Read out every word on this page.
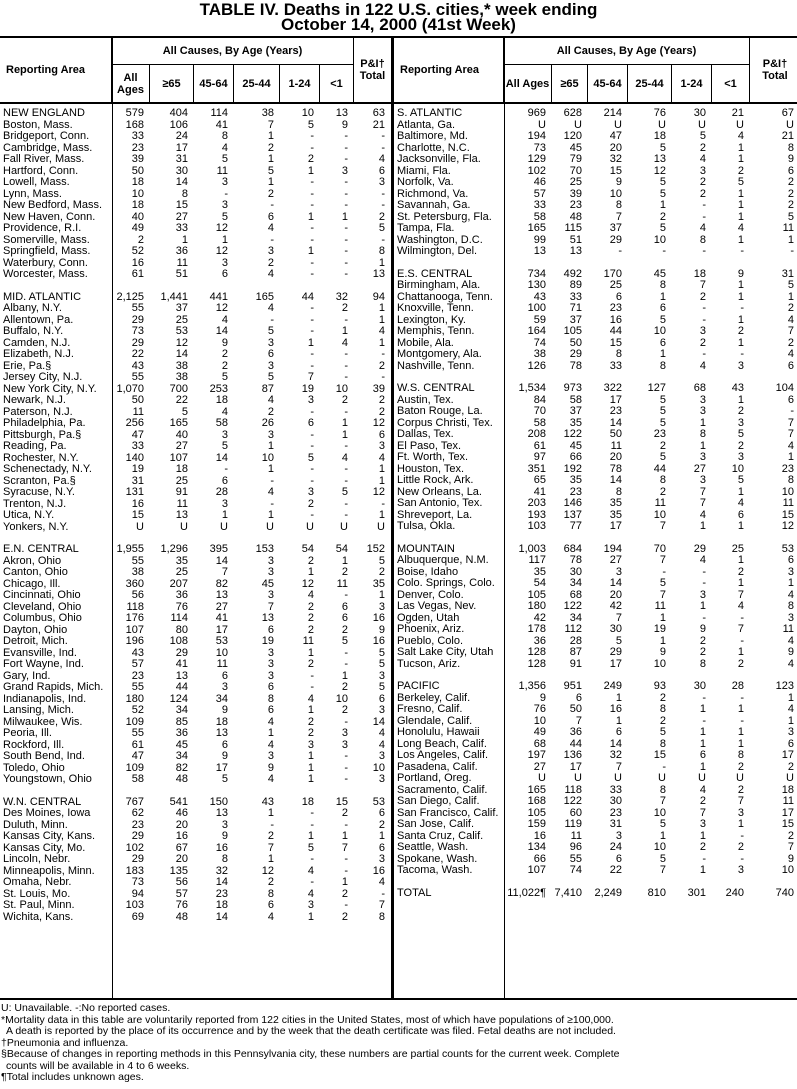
TABLE IV. Deaths in 122 U.S. cities,* week ending
October 14, 2000 (41st Week)
Reporting Area
All Causes, By Age (Years)
All Ages	≥65	45-64	25-44	1-24	<1
P&I† Total
NEW ENGLAND	579	404	114	38	10	13	63
Boston, Mass.	168	106	41	7	5	9	21
Bridgeport, Conn.	33	24	8	1	-	-	-
Cambridge, Mass.	23	17	4	2	-	-	-
Fall River, Mass.	39	31	5	1	2	-	4
Hartford, Conn.	50	30	11	5	1	3	6
Lowell, Mass.	18	14	3	1	-	-	3
Lynn, Mass.	10	8	-	2	-	-	-
New Bedford, Mass.	18	15	3	-	-	-	-
New Haven, Conn.	40	27	5	6	1	1	2
Providence, R.I.	49	33	12	4	-	-	5
Somerville, Mass.	2	1	1	-	-	-	-
Springfield, Mass.	52	36	12	3	1	-	8
Waterbury, Conn.	16	11	3	2	-	-	1
Worcester, Mass.	61	51	6	4	-	-	13
MID. ATLANTIC	2,125	1,441	441	165	44	32	94
Albany, N.Y.	55	37	12	4	-	2	1
Allentown, Pa.	29	25	4	-	-	-	1
Buffalo, N.Y.	73	53	14	5	-	1	4
Camden, N.J.	29	12	9	3	1	4	1
Elizabeth, N.J.	22	14	2	6	-	-	-
Erie, Pa.§	43	38	2	3	-	-	2
Jersey City, N.J.	55	38	5	5	7	-	-
New York City, N.Y.	1,070	700	253	87	19	10	39
Newark, N.J.	50	22	18	4	3	2	2
Paterson, N.J.	11	5	4	2	-	-	2
Philadelphia, Pa.	256	165	58	26	6	1	12
Pittsburgh, Pa.§	47	40	3	3	-	1	6
Reading, Pa.	33	27	5	1	-	-	3
Rochester, N.Y.	140	107	14	10	5	4	4
Schenectady, N.Y.	19	18	-	1	-	-	1
Scranton, Pa.§	31	25	6	-	-	-	1
Syracuse, N.Y.	131	91	28	4	3	5	12
Trenton, N.J.	16	11	3	-	2	-	-
Utica, N.Y.	15	13	1	1	-	-	1
Yonkers, N.Y.	U	U	U	U	U	U	U
E.N. CENTRAL	1,955	1,296	395	153	54	54	152
Akron, Ohio	55	35	14	3	2	1	5
Canton, Ohio	38	25	7	3	1	2	2
Chicago, Ill.	360	207	82	45	12	11	35
Cincinnati, Ohio	56	36	13	3	4	-	1
Cleveland, Ohio	118	76	27	7	2	6	3
Columbus, Ohio	176	114	41	13	2	6	16
Dayton, Ohio	107	80	17	6	2	2	9
Detroit, Mich.	196	108	53	19	11	5	16
Evansville, Ind.	43	29	10	3	1	-	5
Fort Wayne, Ind.	57	41	11	3	2	-	5
Gary, Ind.	23	13	6	3	-	1	3
Grand Rapids, Mich.	55	44	3	6	-	2	5
Indianapolis, Ind.	180	124	34	8	4	10	6
Lansing, Mich.	52	34	9	6	1	2	3
Milwaukee, Wis.	109	85	18	4	2	-	14
Peoria, Ill.	55	36	13	1	2	3	4
Rockford, Ill.	61	45	6	4	3	3	4
South Bend, Ind.	47	34	9	3	1	-	3
Toledo, Ohio	109	82	17	9	1	-	10
Youngstown, Ohio	58	48	5	4	1	-	3
W.N. CENTRAL	767	541	150	43	18	15	53
Des Moines, Iowa	62	46	13	1	-	2	6
Duluth, Minn.	23	20	3	-	-	-	2
Kansas City, Kans.	29	16	9	2	1	1	1
Kansas City, Mo.	102	67	16	7	5	7	6
Lincoln, Nebr.	29	20	8	1	-	-	3
Minneapolis, Minn.	183	135	32	12	4	-	16
Omaha, Nebr.	73	56	14	2	-	1	4
St. Louis, Mo.	94	57	23	8	4	2	-
St. Paul, Minn.	103	76	18	6	3	-	7
Wichita, Kans.	69	48	14	4	1	2	8
Reporting Area
All Causes, By Age (Years)
All Ages	≥65	45-64	25-44	1-24	<1
P&I† Total
S. ATLANTIC	969	628	214	76	30	21	67
Atlanta, Ga.	U	U	U	U	U	U	U
Baltimore, Md.	194	120	47	18	5	4	21
Charlotte, N.C.	73	45	20	5	2	1	8
Jacksonville, Fla.	129	79	32	13	4	1	9
Miami, Fla.	102	70	15	12	3	2	6
Norfolk, Va.	46	25	9	5	2	5	2
Richmond, Va.	57	39	10	5	2	1	2
Savannah, Ga.	33	23	8	1	-	1	2
St. Petersburg, Fla.	58	48	7	2	-	1	5
Tampa, Fla.	165	115	37	5	4	4	11
Washington, D.C.	99	51	29	10	8	1	1
Wilmington, Del.	13	13	-	-	-	-	-
E.S. CENTRAL	734	492	170	45	18	9	31
Birmingham, Ala.	130	89	25	8	7	1	5
Chattanooga, Tenn.	43	33	6	1	2	1	1
Knoxville, Tenn.	100	71	23	6	-	-	2
Lexington, Ky.	59	37	16	5	-	1	4
Memphis, Tenn.	164	105	44	10	3	2	7
Mobile, Ala.	74	50	15	6	2	1	2
Montgomery, Ala.	38	29	8	1	-	-	4
Nashville, Tenn.	126	78	33	8	4	3	6
W.S. CENTRAL	1,534	973	322	127	68	43	104
Austin, Tex.	84	58	17	5	3	1	6
Baton Rouge, La.	70	37	23	5	3	2	-
Corpus Christi, Tex.	58	35	14	5	1	3	7
Dallas, Tex.	208	122	50	23	8	5	7
El Paso, Tex.	61	45	11	2	1	2	4
Ft. Worth, Tex.	97	66	20	5	3	3	1
Houston, Tex.	351	192	78	44	27	10	23
Little Rock, Ark.	65	35	14	8	3	5	8
New Orleans, La.	41	23	8	2	7	1	10
San Antonio, Tex.	203	146	35	11	7	4	11
Shreveport, La.	193	137	35	10	4	6	15
Tulsa, Okla.	103	77	17	7	1	1	12
MOUNTAIN	1,003	684	194	70	29	25	53
Albuquerque, N.M.	117	78	27	7	4	1	6
Boise, Idaho	35	30	3	-	-	2	3
Colo. Springs, Colo.	54	34	14	5	-	1	1
Denver, Colo.	105	68	20	7	3	7	4
Las Vegas, Nev.	180	122	42	11	1	4	8
Ogden, Utah	42	34	7	1	-	-	3
Phoenix, Ariz.	178	112	30	19	9	7	11
Pueblo, Colo.	36	28	5	1	2	-	4
Salt Lake City, Utah	128	87	29	9	2	1	9
Tucson, Ariz.	128	91	17	10	8	2	4
PACIFIC	1,356	951	249	93	30	28	123
Berkeley, Calif.	9	6	1	2	-	-	1
Fresno, Calif.	76	50	16	8	1	1	4
Glendale, Calif.	10	7	1	2	-	-	1
Honolulu, Hawaii	49	36	6	5	1	1	3
Long Beach, Calif.	68	44	14	8	1	1	6
Los Angeles, Calif.	197	136	32	15	6	8	17
Pasadena, Calif.	27	17	7	-	1	2	2
Portland, Oreg.	U	U	U	U	U	U	U
Sacramento, Calif.	165	118	33	8	4	2	18
San Diego, Calif.	168	122	30	7	2	7	11
San Francisco, Calif.	105	60	23	10	7	3	17
San Jose, Calif.	159	119	31	5	3	1	15
Santa Cruz, Calif.	16	11	3	1	1	-	2
Seattle, Wash.	134	96	24	10	2	2	7
Spokane, Wash.	66	55	6	5	-	-	9
Tacoma, Wash.	107	74	22	7	1	3	10
TOTAL	11,022¶ 7,410	2,249	810	301	240	740
U: Unavailable. -:No reported cases.
*Mortality data in this table are voluntarily reported from 122 cities in the United States, most of which have populations of ≥100,000.
A death is reported by the place of its occurrence and by the week that the death certificate was filed. Fetal deaths are not included.
†Pneumonia and influenza.
§Because of changes in reporting methods in this Pennsylvania city, these numbers are partial counts for the current week. Complete
counts will be available in 4 to 6 weeks.
¶Total includes unknown ages.
